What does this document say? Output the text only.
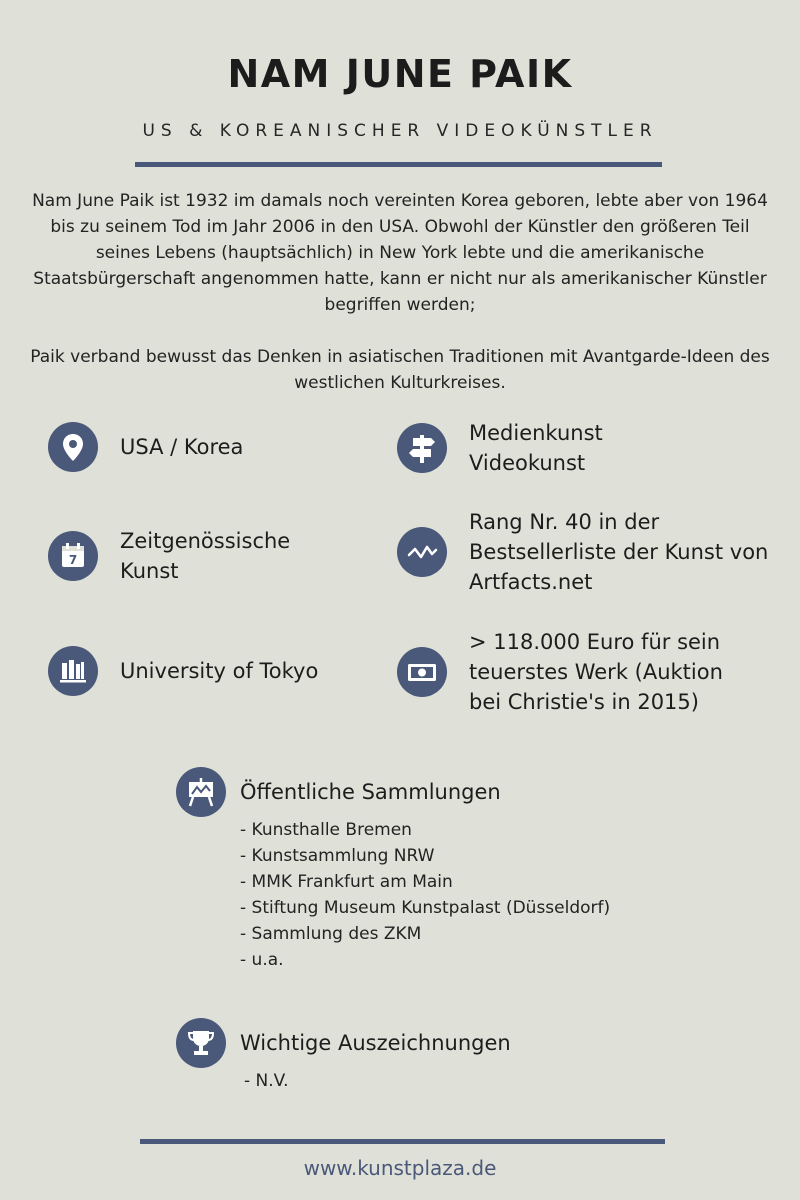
NAM JUNE PAIK
US & KOREANISCHER VIDEOKÜNSTLER

Nam June Paik ist 1932 im damals noch vereinten Korea geboren, lebte aber von 1964 bis zu seinem Tod im Jahr 2006 in den USA. Obwohl der Künstler den größeren Teil seines Lebens (hauptsächlich) in New York lebte und die amerikanische Staatsbürgerschaft angenommen hatte, kann er nicht nur als amerikanischer Künstler begriffen werden;

Paik verband bewusst das Denken in asiatischen Traditionen mit Avantgarde-Ideen des westlichen Kulturkreises.

USA / Korea
Medienkunst
Videokunst
7
Zeitgenössische
Kunst
Rang Nr. 40 in der
Bestsellerliste der Kunst von
Artfacts.net
University of Tokyo
> 118.000 Euro für sein
teuerstes Werk (Auktion
bei Christie's in 2015)
Öffentliche Sammlungen
- Kunsthalle Bremen
- Kunstsammlung NRW
- MMK Frankfurt am Main
- Stiftung Museum Kunstpalast (Düsseldorf)
- Sammlung des ZKM
- u.a.
Wichtige Auszeichnungen
- N.V.
www.kunstplaza.de
